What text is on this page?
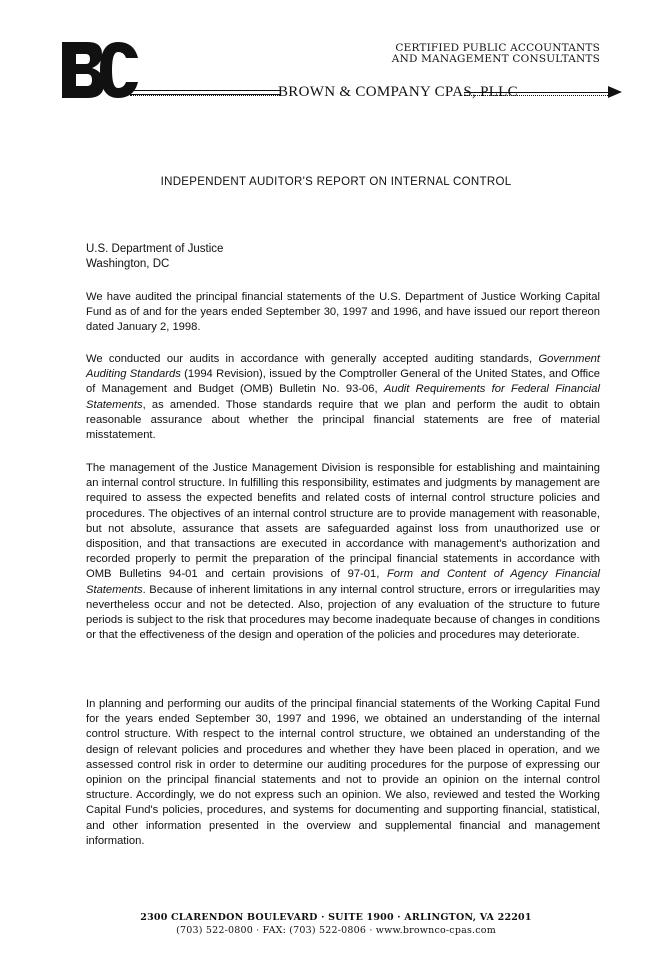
CERTIFIED PUBLIC ACCOUNTANTS
AND MANAGEMENT CONSULTANTS
BROWN & COMPANY CPAS, PLLC
INDEPENDENT AUDITOR'S REPORT ON INTERNAL CONTROL
U.S. Department of Justice
Washington, DC

We have audited the principal financial statements of the U.S. Department of Justice Working Capital Fund as of and for the years ended September 30, 1997 and 1996, and have issued our report thereon dated January 2, 1998.

We conducted our audits in accordance with generally accepted auditing standards, Government Auditing Standards (1994 Revision), issued by the Comptroller General of the United States, and Office of Management and Budget (OMB) Bulletin No. 93-06, Audit Requirements for Federal Financial Statements, as amended. Those standards require that we plan and perform the audit to obtain reasonable assurance about whether the principal financial statements are free of material misstatement.

The management of the Justice Management Division is responsible for establishing and maintaining an internal control structure. In fulfilling this responsibility, estimates and judgments by management are required to assess the expected benefits and related costs of internal control structure policies and procedures. The objectives of an internal control structure are to provide management with reasonable, but not absolute, assurance that assets are safeguarded against loss from unauthorized use or disposition, and that transactions are executed in accordance with management's authorization and recorded properly to permit the preparation of the principal financial statements in accordance with OMB Bulletins 94-01 and certain provisions of 97-01, Form and Content of Agency Financial Statements. Because of inherent limitations in any internal control structure, errors or irregularities may nevertheless occur and not be detected. Also, projection of any evaluation of the structure to future periods is subject to the risk that procedures may become inadequate because of changes in conditions or that the effectiveness of the design and operation of the policies and procedures may deteriorate.

In planning and performing our audits of the principal financial statements of the Working Capital Fund for the years ended September 30, 1997 and 1996, we obtained an understanding of the internal control structure. With respect to the internal control structure, we obtained an understanding of the design of relevant policies and procedures and whether they have been placed in operation, and we assessed control risk in order to determine our auditing procedures for the purpose of expressing our opinion on the principal financial statements and not to provide an opinion on the internal control structure. Accordingly, we do not express such an opinion. We also, reviewed and tested the Working Capital Fund's policies, procedures, and systems for documenting and supporting financial, statistical, and other information presented in the overview and supplemental financial and management information.

2300 CLARENDON BOULEVARD · SUITE 1900 · ARLINGTON, VA 22201
(703) 522-0800 · FAX: (703) 522-0806 · www.brownco-cpas.com
